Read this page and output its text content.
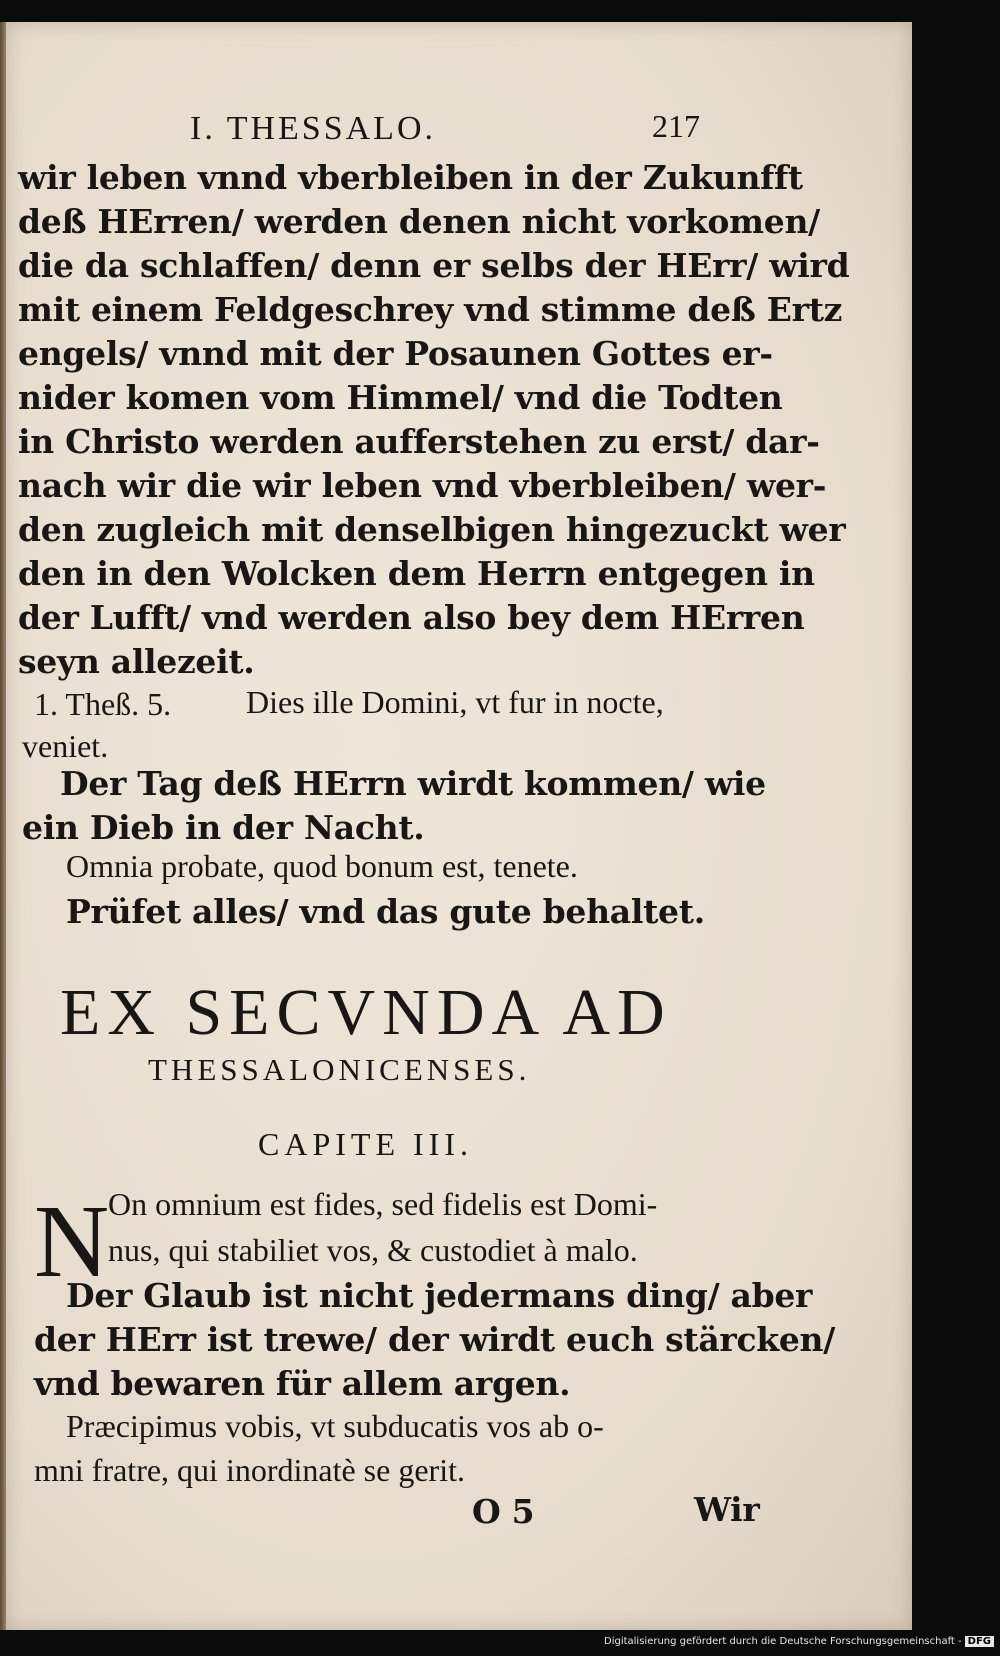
I. THESSALO.	217
wir leben vnnd vberbleiben in der Zukunfft
deß HErren/ werden denen nicht vorkomen/
die da schlaffen/ denn er selbs der HErr/ wird
mit einem Feldgeschrey vnd stimme deß Ertz
engels/ vnnd mit der Posaunen Gottes er-
nider komen vom Himmel/ vnd die Todten
in Christo werden aufferstehen zu erst/ dar-
nach wir die wir leben vnd vberbleiben/ wer-
den zugleich mit denselbigen hingezuckt wer
den in den Wolcken dem Herrn entgegen in
der Lufft/ vnd werden also bey dem HErren
seyn allezeit.
1. Theß. 5. Dies ille Domini, vt fur in nocte,
veniet.
Der Tag deß HErrn wirdt kommen/ wie
ein Dieb in der Nacht.
Omnia probate, quod bonum est, tenete.
Prüfet alles/ vnd das gute behaltet.
EX SECVNDA AD
THESSALONICENSES.
CAPITE III.
N
On omnium est fides, sed fidelis est Domi-
nus, qui stabiliet vos, & custodiet à malo.
Der Glaub ist nicht jedermans ding/ aber
der HErr ist trewe/ der wirdt euch stärcken/
vnd bewaren für allem argen.
Præcipimus vobis, vt subducatis vos ab o-
mni fratre, qui inordinatè se gerit.
O 5	Wir
Digitalisierung gefördert durch die Deutsche Forschungsgemeinschaft - DFG
